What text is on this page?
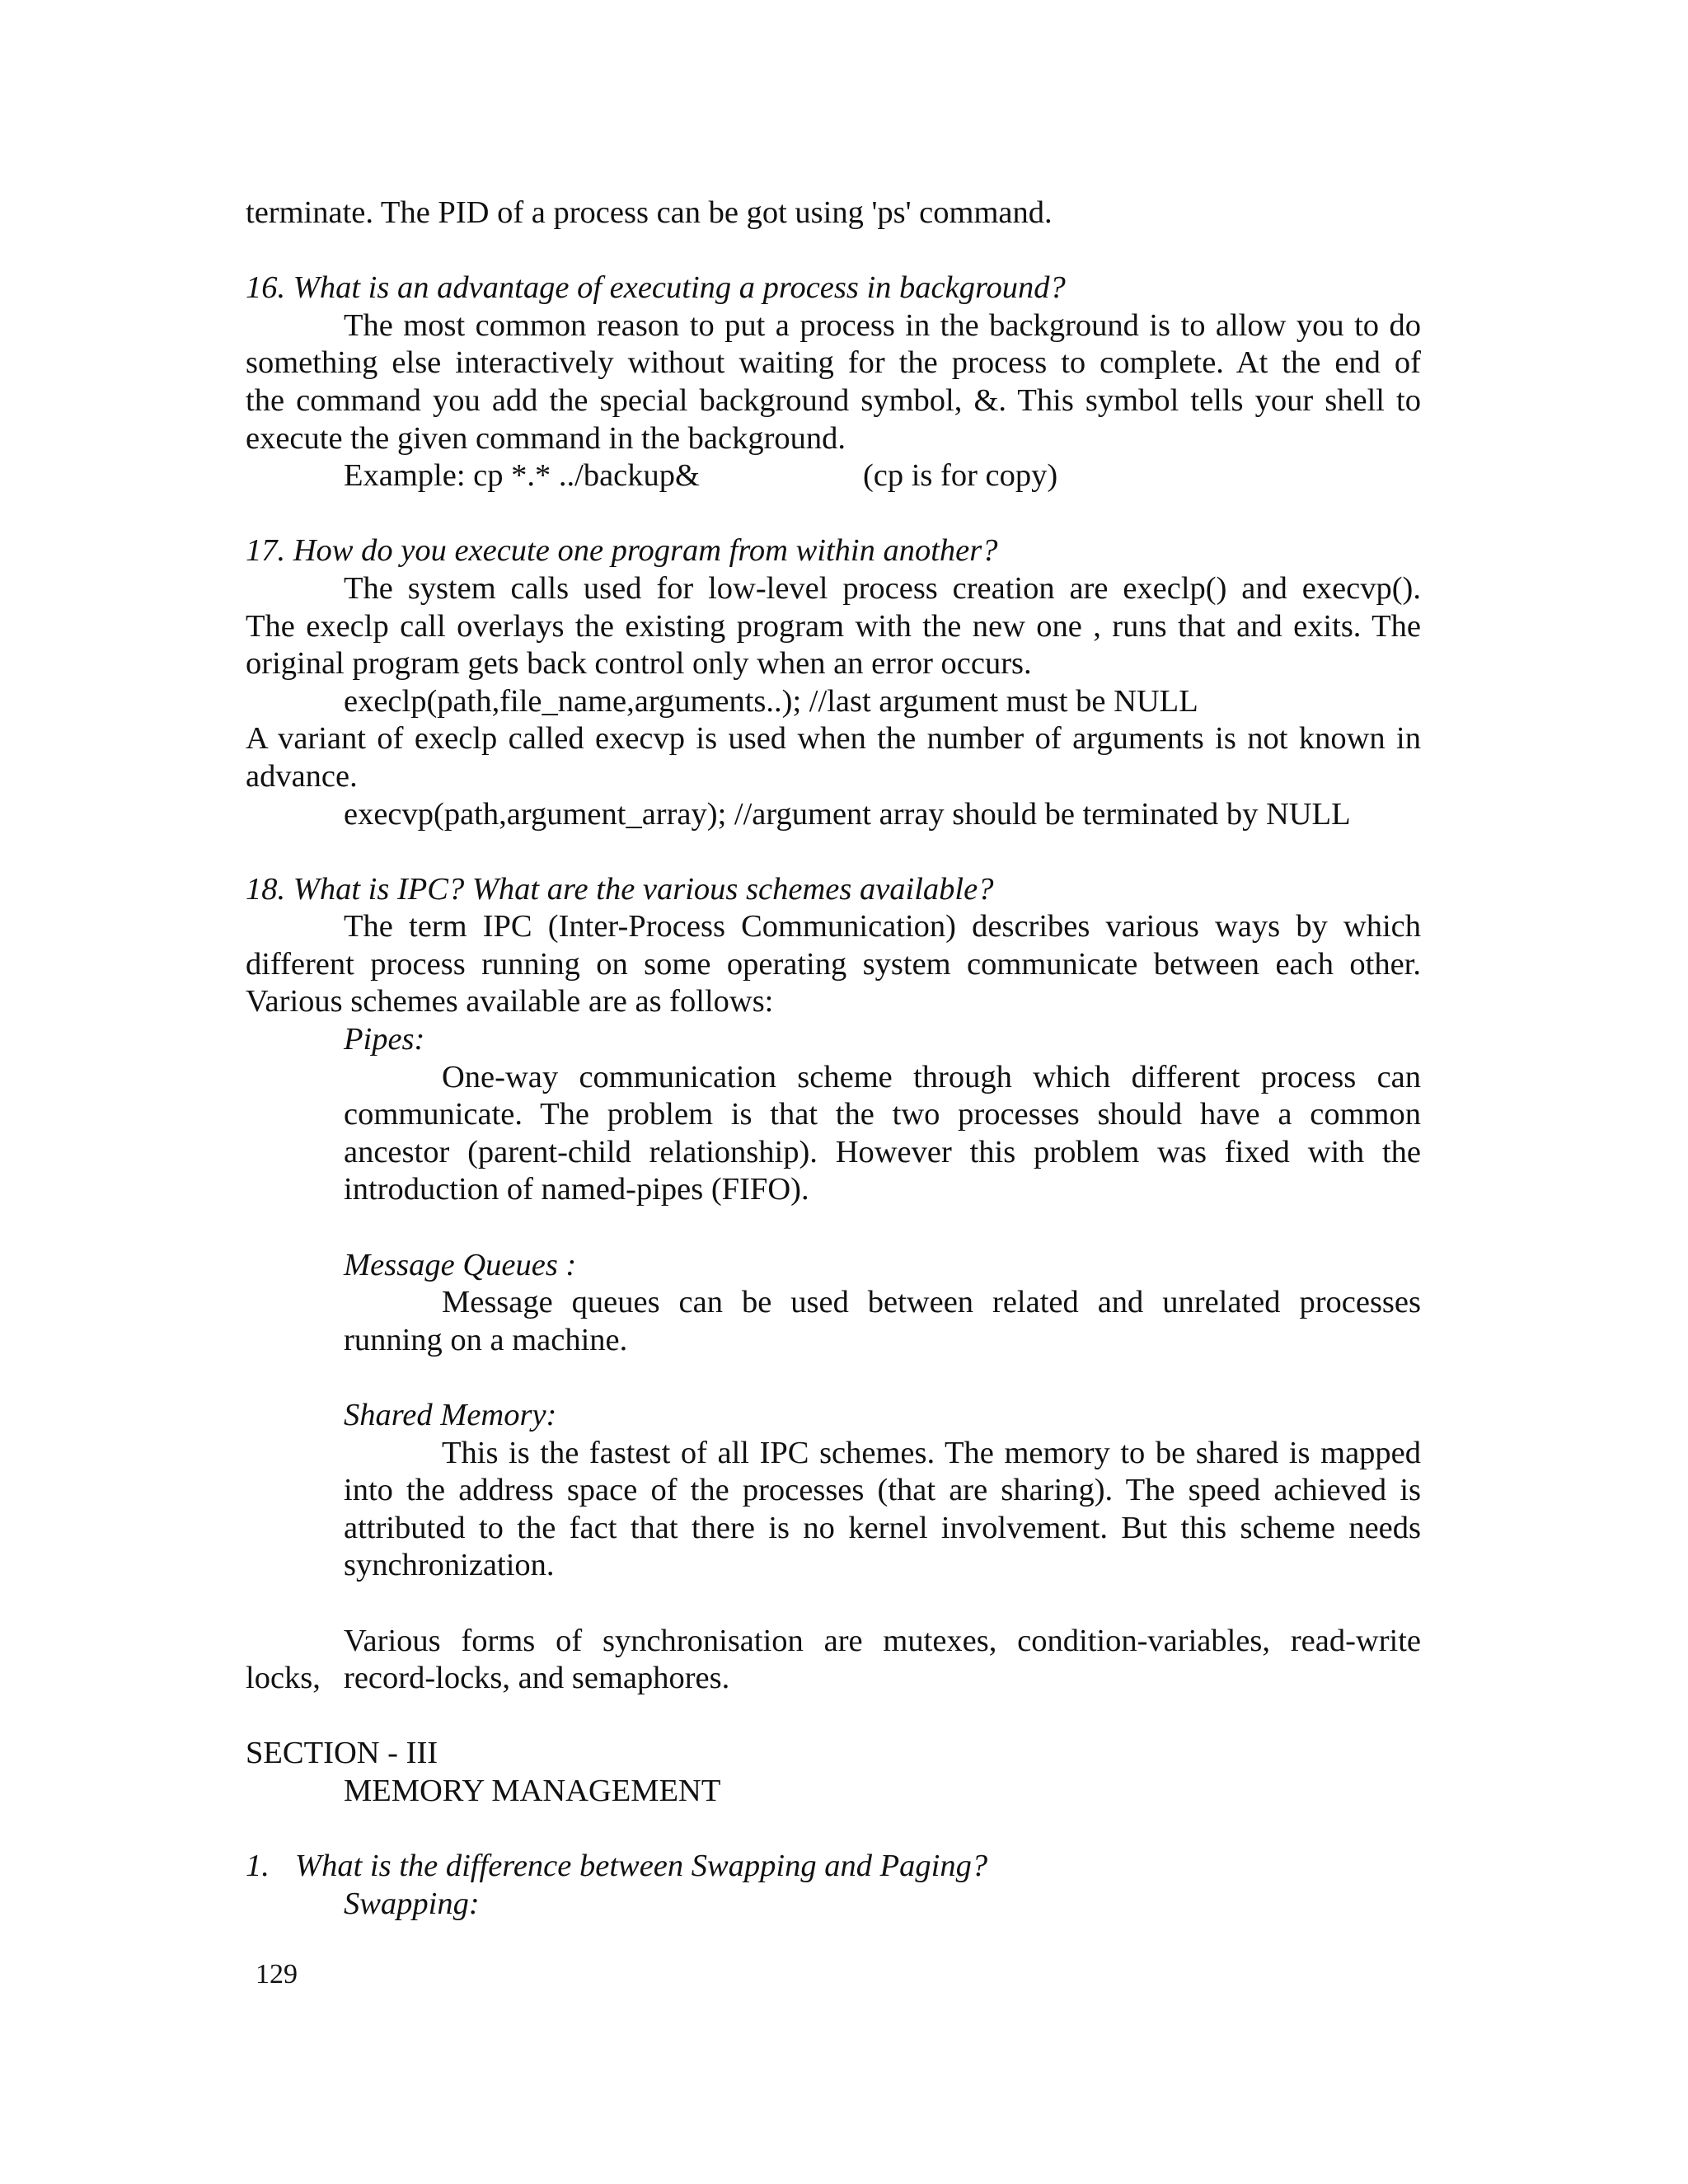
terminate. The PID of a process can be got using 'ps' command.
16. What is an advantage of executing a process in background?
The most common reason to put a process in the background is to allow you to do
something else interactively without waiting for the process to complete. At the end of
the command you add the special background symbol, &. This symbol tells your shell to
execute the given command in the background.
Example: cp *.* ../backup&	(cp is for copy)
17. How do you execute one program from within another?
The system calls used for low-level process creation are execlp() and execvp().
The execlp call overlays the existing program with the new one , runs that and exits. The
original program gets back control only when an error occurs.
execlp(path,file_name,arguments..); //last argument must be NULL
A variant of execlp called execvp is used when the number of arguments is not known in
advance.
execvp(path,argument_array); //argument array should be terminated by NULL
18. What is IPC? What are the various schemes available?
The term IPC (Inter-Process Communication) describes various ways by which
different process running on some operating system communicate between each other.
Various schemes available are as follows:
Pipes:
One-way communication scheme through which different process can
communicate. The problem is that the two processes should have a common
ancestor (parent-child relationship). However this problem was fixed with the
introduction of named-pipes (FIFO).
Message Queues :
Message queues can be used between related and unrelated processes
running on a machine.
Shared Memory:
This is the fastest of all IPC schemes. The memory to be shared is mapped
into the address space of the processes (that are sharing). The speed achieved is
attributed to the fact that there is no kernel involvement. But this scheme needs
synchronization.
Various forms of synchronisation are mutexes, condition-variables, read-write
locks, record-locks, and semaphores.
SECTION - III
MEMORY MANAGEMENT
1. What is the difference between Swapping and Paging?
Swapping:
129
